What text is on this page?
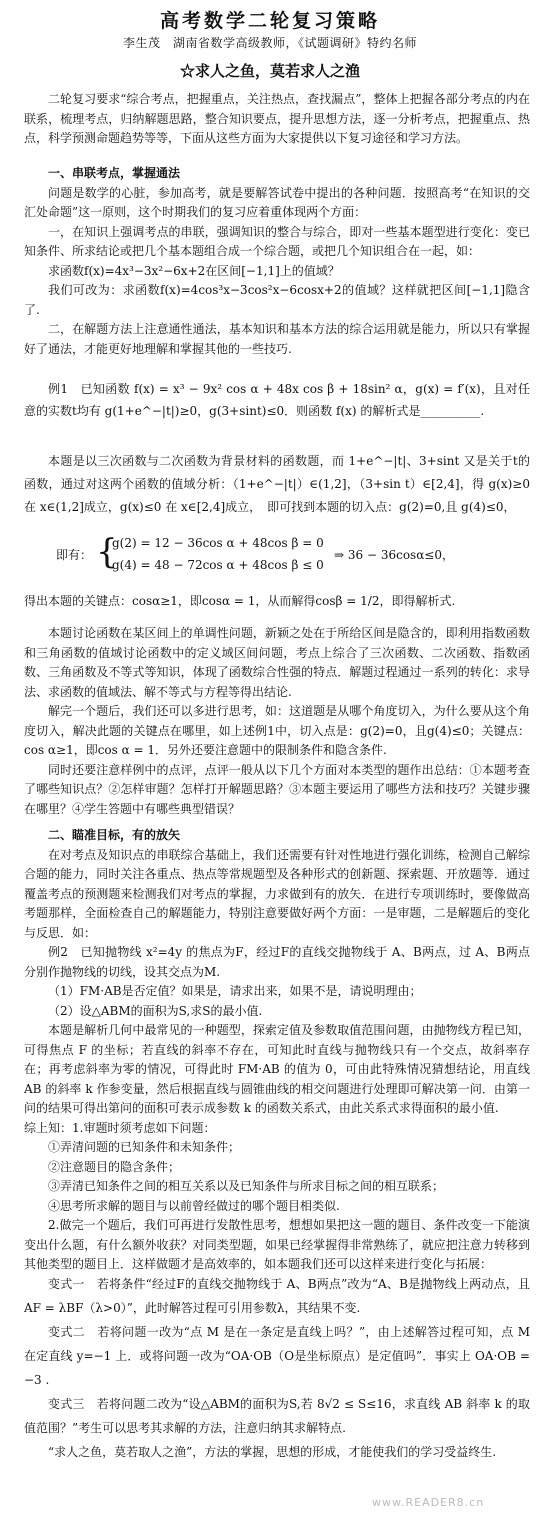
高考数学二轮复习策略
李生茂　湖南省数学高级教师，《试题调研》特约名师
☆求人之鱼，莫若求人之渔

二轮复习要求“综合考点，把握重点，关注热点，查找漏点”，整体上把握各部分考点的内在联系，梳理考点，归纳解题思路，整合知识要点，提升思想方法，逐一分析考点，把握重点、热点，科学预测命题趋势等等，下面从这些方面为大家提供以下复习途径和学习方法。

一、串联考点，掌握通法

问题是数学的心脏，参加高考，就是要解答试卷中提出的各种问题．按照高考“在知识的交汇处命题”这一原则，这个时期我们的复习应着重体现两个方面：

一，在知识上强调考点的串联，强调知识的整合与综合，即对一些基本题型进行变化：变已知条件、所求结论或把几个基本题组合成一个综合题，或把几个知识组合在一起，如：

求函数f(x)=4x³−3x²−6x+2在区间[−1,1]上的值域？

我们可改为：求函数f(x)=4cos³x−3cos²x−6cosx+2的值域？这样就把区间[−1,1]隐含了.

二，在解题方法上注意通性通法，基本知识和基本方法的综合运用就是能力，所以只有掌握好了通法，才能更好地理解和掌握其他的一些技巧.

例1　已知函数 f(x) = x³ − 9x² cos α + 48x cos β + 18sin² α，g(x) = f′(x)，且对任意的实数t均有 g(1+e^−|t|)≥0，g(3+sint)≤0．则函数 f(x) 的解析式是__________.

本题是以三次函数与二次函数为背景材料的函数题，而 1+e^−|t|、3+sint 又是关于t的函数，通过对这两个函数的值域分析：（1+e^−|t|）∈(1,2]，（3+sin t）∈[2,4]，得 g(x)≥0 在 x∈(1,2]成立，g(x)≤0 在 x∈[2,4]成立，　即可找到本题的切入点：g(2)=0,且 g(4)≤0，

即有： {
g(2) = 12 − 36cos α + 48cos β = 0
g(4) = 48 − 72cos α + 48cos β ≤ 0
⇒ 36 − 36cosα≤0，

得出本题的关键点：cosα≥1，即cosα = 1，从而解得cosβ = 1/2，即得解析式.

本题讨论函数在某区间上的单调性问题，新颖之处在于所给区间是隐含的，即利用指数函数和三角函数的值域讨论函数中的定义域区间问题，考点上综合了三次函数、二次函数、指数函数、三角函数及不等式等知识，体现了函数综合性强的特点．解题过程通过一系列的转化：求导法、求函数的值域法、解不等式与方程等得出结论.

解完一个题后，我们还可以多进行思考，如：这道题是从哪个角度切入，为什么要从这个角度切入，解决此题的关键点在哪里，如上述例1中，切入点是：g(2)=0，且g(4)≤0；关键点：cos α≥1，即cos α = 1．另外还要注意题中的限制条件和隐含条件.

同时还要注意样例中的点评，点评一般从以下几个方面对本类型的题作出总结：①本题考查了哪些知识点？②怎样审题？怎样打开解题思路？③本题主要运用了哪些方法和技巧？关键步骤在哪里？④学生答题中有哪些典型错误？

二、瞄准目标，有的放矢

在对考点及知识点的串联综合基础上，我们还需要有针对性地进行强化训练，检测自己解综合题的能力，同时关注各重点、热点等常规题型及各种形式的创新题、探索题、开放题等．通过覆盖考点的预测题来检测我们对考点的掌握，力求做到有的放矢．在进行专项训练时，要像做高考题那样，全面检查自己的解题能力，特别注意要做好两个方面：一是审题，二是解题后的变化与反思．如：

例2　已知抛物线 x²=4y 的焦点为F，经过F的直线交抛物线于 A、B两点，过 A、B两点分别作抛物线的切线，设其交点为M.

（1）FM·AB是否定值？如果是，请求出来，如果不是，请说明理由；

（2）设△ABM的面积为S,求S的最小值.

本题是解析几何中最常见的一种题型，探索定值及参数取值范围问题，由抛物线方程已知，可得焦点 F 的坐标；若直线的斜率不存在，可知此时直线与抛物线只有一个交点，故斜率存在；再考虑斜率为零的情况，可得此时 FM·AB 的值为 0，可由此特殊情况猜想结论，用直线 AB 的斜率 k 作参变量，然后根据直线与圆锥曲线的相交问题进行处理即可解决第一问．由第一问的结果可得出第问的面积可表示成参数 k 的函数关系式，由此关系式求得面积的最小值.

综上知：1.审题时须考虑如下问题：

①弄清问题的已知条件和未知条件；

②注意题目的隐含条件；

③弄清已知条件之间的相互关系以及已知条件与所求目标之间的相互联系；

④思考所求解的题目与以前曾经做过的哪个题目相类似.

2.做完一个题后，我们可再进行发散性思考，想想如果把这一题的题目、条件改变一下能演变出什么题，有什么额外收获？对同类型题，如果已经掌握得非常熟练了，就应把注意力转移到其他类型的题目上．这样做题才是高效率的，如本题我们还可以这样来进行变化与拓展：

变式一　若将条件“经过F的直线交抛物线于 A、B两点”改为“A、B是抛物线上两动点，且 AF = λBF（λ>0）”，此时解答过程可引用参数λ，其结果不变.

变式二　若将问题一改为“点 M 是在一条定是直线上吗？”，由上述解答过程可知，点 M 在定直线 y=−1 上．或将问题一改为“OA·OB（O是坐标原点）是定值吗”．事实上 OA·OB = −3 .

变式三　若将问题二改为“设△ABM的面积为S,若 8√2 ≤ S≤16，求直线 AB 斜率 k 的取值范围？”考生可以思考其求解的方法，注意归纳其求解特点.

“求人之鱼，莫若取人之渔”，方法的掌握，思想的形成，才能使我们的学习受益终生.

www.READER8.cn
